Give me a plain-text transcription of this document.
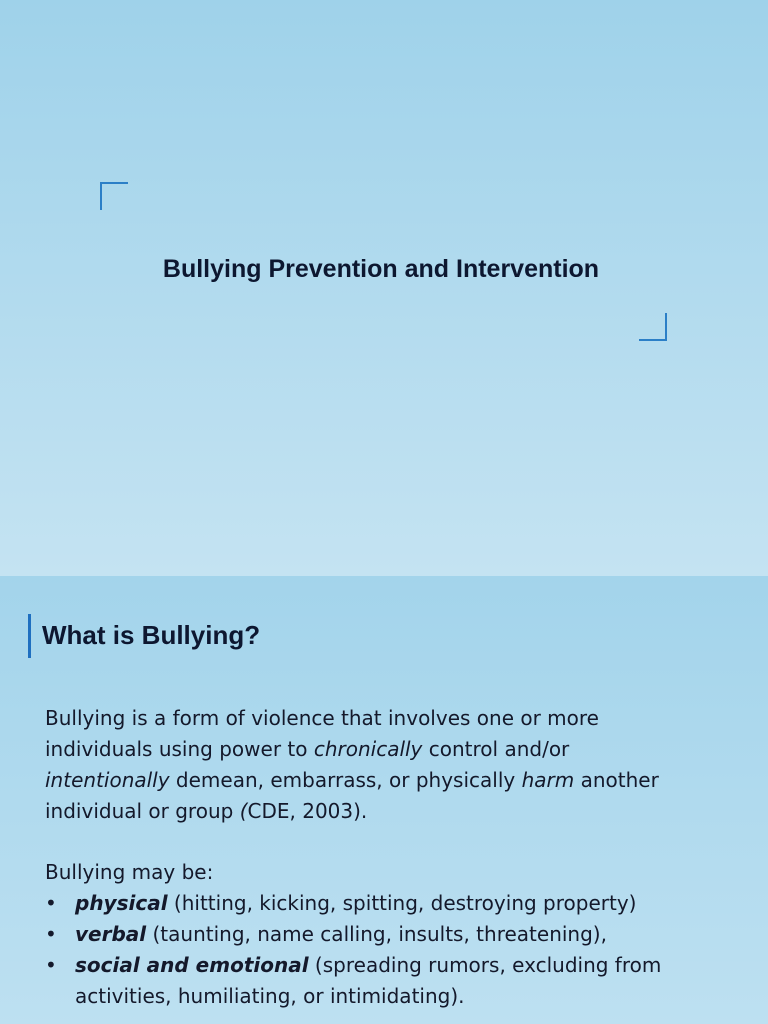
Bullying Prevention and Intervention
What is Bullying?

Bullying is a form of violence that involves one or more

individuals using power to chronically control and/or

intentionally demean, embarrass, or physically harm another

individual or group (CDE, 2003).

Bullying may be:

• physical (hitting, kicking, spitting, destroying property)
• verbal (taunting, name calling, insults, threatening),
• social and emotional (spreading rumors, excluding from activities, humiliating, or intimidating).
